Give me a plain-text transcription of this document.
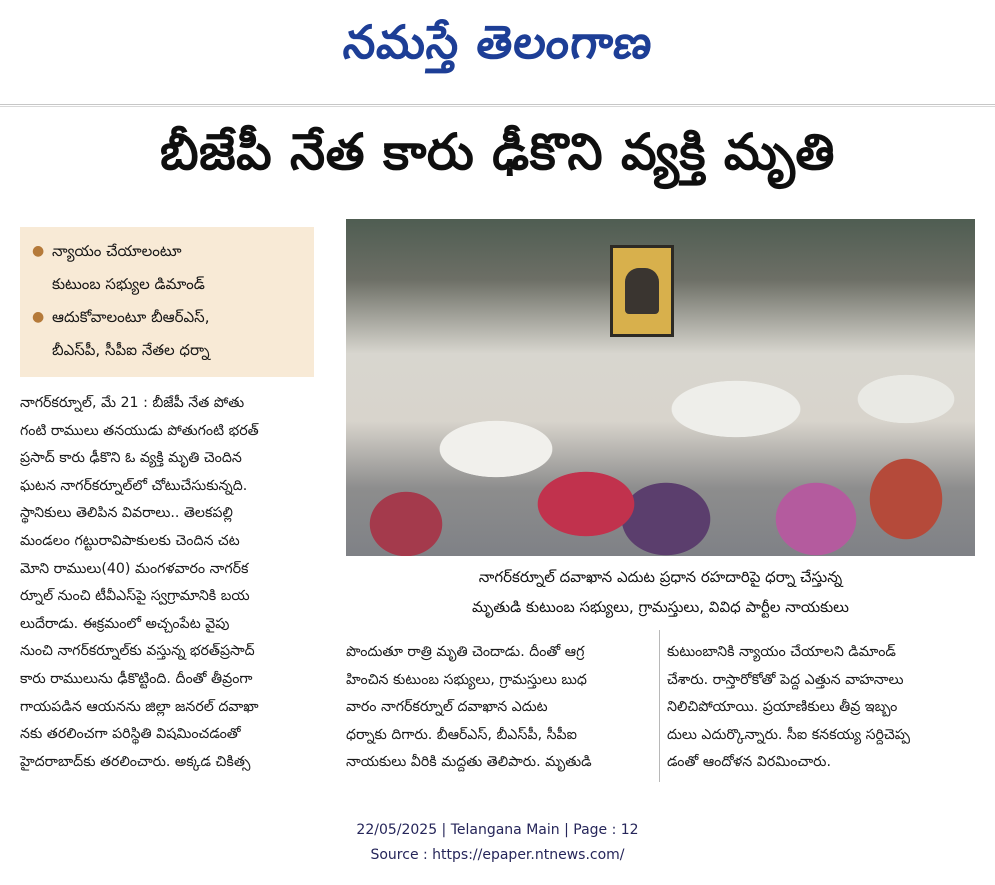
నమస్తే తెలంగాణ
బీజేపీ నేత కారు ఢీకొని వ్యక్తి మృతి
● న్యాయం చేయాలంటూ
కుటుంబ సభ్యుల డిమాండ్
● ఆదుకోవాలంటూ బీఆర్‌ఎస్‌,
బీఎస్‌పీ, సీపీఐ నేతల ధర్నా
నాగర్‌కర్నూల్‌ దవాఖాన ఎదుట ప్రధాన రహదారిపై ధర్నా చేస్తున్న
మృతుడి కుటుంబ సభ్యులు, గ్రామస్తులు, వివిధ పార్టీల నాయకులు
నాగర్‌కర్నూల్‌, మే 21 : బీజేపీ నేత పోతు
గంటి రాములు తనయుడు పోతుగంటి భరత్‌
ప్రసాద్‌ కారు ఢీకొని ఓ వ్యక్తి మృతి చెందిన
ఘటన నాగర్‌కర్నూల్‌లో చోటుచేసుకున్నది.
స్థానికులు తెలిపిన వివరాలు.. తెలకపల్లి
మండలం గట్టురావిపాకులకు చెందిన చట
మోని రాములు(40) మంగళవారం నాగర్‌క
ర్నూల్‌ నుంచి టీవీఎస్‌పై స్వగ్రామానికి బయ
లుదేరాడు. ఈక్రమంలో అచ్చంపేట వైపు
నుంచి నాగర్‌కర్నూల్‌కు వస్తున్న భరత్‌ప్రసాద్‌
కారు రాములును ఢీకొట్టింది. దీంతో తీవ్రంగా
గాయపడిన ఆయనను జిల్లా జనరల్‌ దవాఖా
నకు తరలించగా పరిస్థితి విషమించడంతో
హైదరాబాద్‌కు తరలించారు. అక్కడ చికిత్స
పొందుతూ రాత్రి మృతి చెందాడు. దీంతో ఆగ్ర
హించిన కుటుంబ సభ్యులు, గ్రామస్తులు బుధ
వారం నాగర్‌కర్నూల్‌ దవాఖాన ఎదుట
ధర్నాకు దిగారు. బీఆర్‌ఎస్‌, బీఎస్‌పీ, సీపీఐ
నాయకులు వీరికి మద్దతు తెలిపారు. మృతుడి
కుటుంబానికి న్యాయం చేయాలని డిమాండ్‌
చేశారు. రాస్తారోకోతో పెద్ద ఎత్తున వాహనాలు
నిలిచిపోయాయి. ప్రయాణికులు తీవ్ర ఇబ్బం
దులు ఎదుర్కొన్నారు. సీఐ కనకయ్య సర్దిచెప్ప
డంతో ఆందోళన విరమించారు.
22/05/2025 | Telangana Main | Page : 12
Source : https://epaper.ntnews.com/
